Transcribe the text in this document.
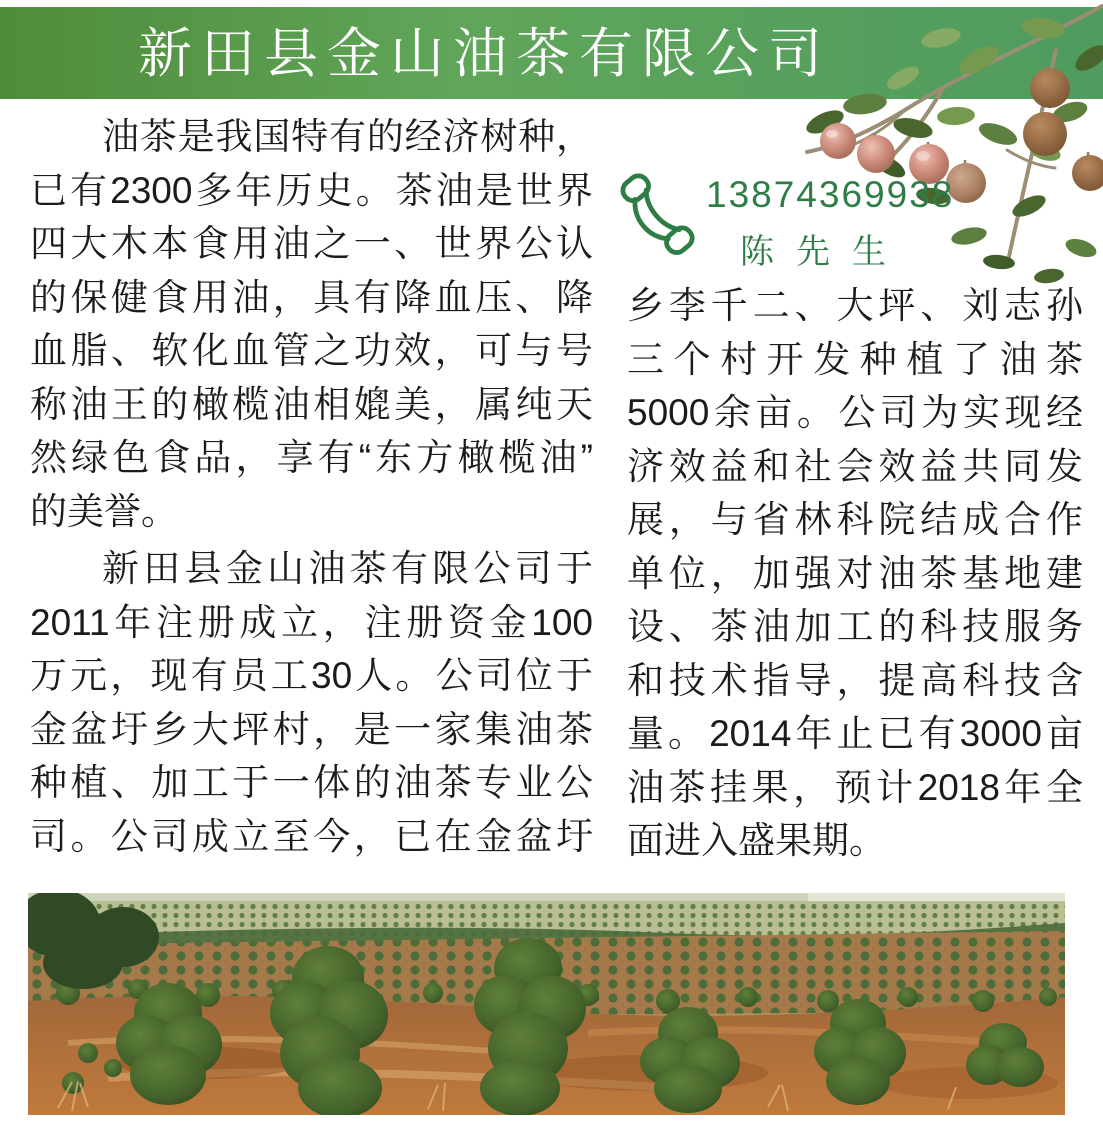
新田县金山油茶有限公司
13874369938
陈先生
油茶是我国特有的经济树种，
已有2300多年历史。茶油是世界
四大木本食用油之一、世界公认
的保健食用油，具有降血压、降
血脂、软化血管之功效，可与号
称油王的橄榄油相媲美，属纯天
然绿色食品，享有“东方橄榄油”
的美誉。
新田县金山油茶有限公司于
2011年注册成立，注册资金100
万元，现有员工30人。公司位于
金盆圩乡大坪村，是一家集油茶
种植、加工于一体的油茶专业公
司。公司成立至今，已在金盆圩
乡李千二、大坪、刘志孙
三个村开发种植了油茶
5000余亩。公司为实现经
济效益和社会效益共同发
展，与省林科院结成合作
单位，加强对油茶基地建
设、茶油加工的科技服务
和技术指导，提高科技含
量。2014年止已有3000亩
油茶挂果，预计2018年全
面进入盛果期。
